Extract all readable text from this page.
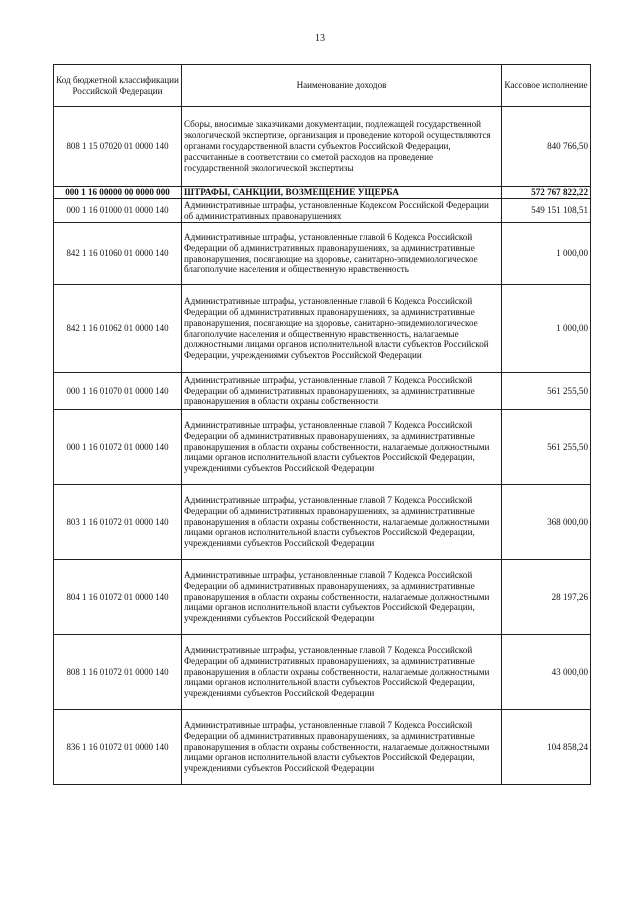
13
Код бюджетной классификации Российской Федерации	Наименование доходов	Кассовое исполнение
808 1 15 07020 01 0000 140	Сборы, вносимые заказчиками документации, подлежащей государственной экологической экспертизе, организация и проведение которой осуществляются органами государственной власти субъектов Российской Федерации, рассчитанные в соответствии со сметой расходов на проведение государственной экологической экспертизы	840 766,50
000 1 16 00000 00 0000 000	ШТРАФЫ, САНКЦИИ, ВОЗМЕЩЕНИЕ УЩЕРБА	572 767 822,22
000 1 16 01000 01 0000 140	Административные штрафы, установленные Кодексом Российской Федерации об административных правонарушениях	549 151 108,51
842 1 16 01060 01 0000 140	Административные штрафы, установленные главой 6 Кодекса Российской Федерации об административных правонарушениях, за административные правонарушения, посягающие на здоровье, санитарно-эпидемиологическое благополучие населения и общественную нравственность	1 000,00
842 1 16 01062 01 0000 140	Административные штрафы, установленные главой 6 Кодекса Российской Федерации об административных правонарушениях, за административные правонарушения, посягающие на здоровье, санитарно-эпидемиологическое благополучие населения и общественную нравственность, налагаемые должностными лицами органов исполнительной власти субъектов Российской Федерации, учреждениями субъектов Российской Федерации	1 000,00
000 1 16 01070 01 0000 140	Административные штрафы, установленные главой 7 Кодекса Российской Федерации об административных правонарушениях, за административные правонарушения в области охраны собственности	561 255,50
000 1 16 01072 01 0000 140	Административные штрафы, установленные главой 7 Кодекса Российской Федерации об административных правонарушениях, за административные правонарушения в области охраны собственности, налагаемые должностными лицами органов исполнительной власти субъектов Российской Федерации, учреждениями субъектов Российской Федерации	561 255,50
803 1 16 01072 01 0000 140	Административные штрафы, установленные главой 7 Кодекса Российской Федерации об административных правонарушениях, за административные правонарушения в области охраны собственности, налагаемые должностными лицами органов исполнительной власти субъектов Российской Федерации, учреждениями субъектов Российской Федерации	368 000,00
804 1 16 01072 01 0000 140	Административные штрафы, установленные главой 7 Кодекса Российской Федерации об административных правонарушениях, за административные правонарушения в области охраны собственности, налагаемые должностными лицами органов исполнительной власти субъектов Российской Федерации, учреждениями субъектов Российской Федерации	28 197,26
808 1 16 01072 01 0000 140	Административные штрафы, установленные главой 7 Кодекса Российской Федерации об административных правонарушениях, за административные правонарушения в области охраны собственности, налагаемые должностными лицами органов исполнительной власти субъектов Российской Федерации, учреждениями субъектов Российской Федерации	43 000,00
836 1 16 01072 01 0000 140	Административные штрафы, установленные главой 7 Кодекса Российской Федерации об административных правонарушениях, за административные правонарушения в области охраны собственности, налагаемые должностными лицами органов исполнительной власти субъектов Российской Федерации, учреждениями субъектов Российской Федерации	104 858,24
